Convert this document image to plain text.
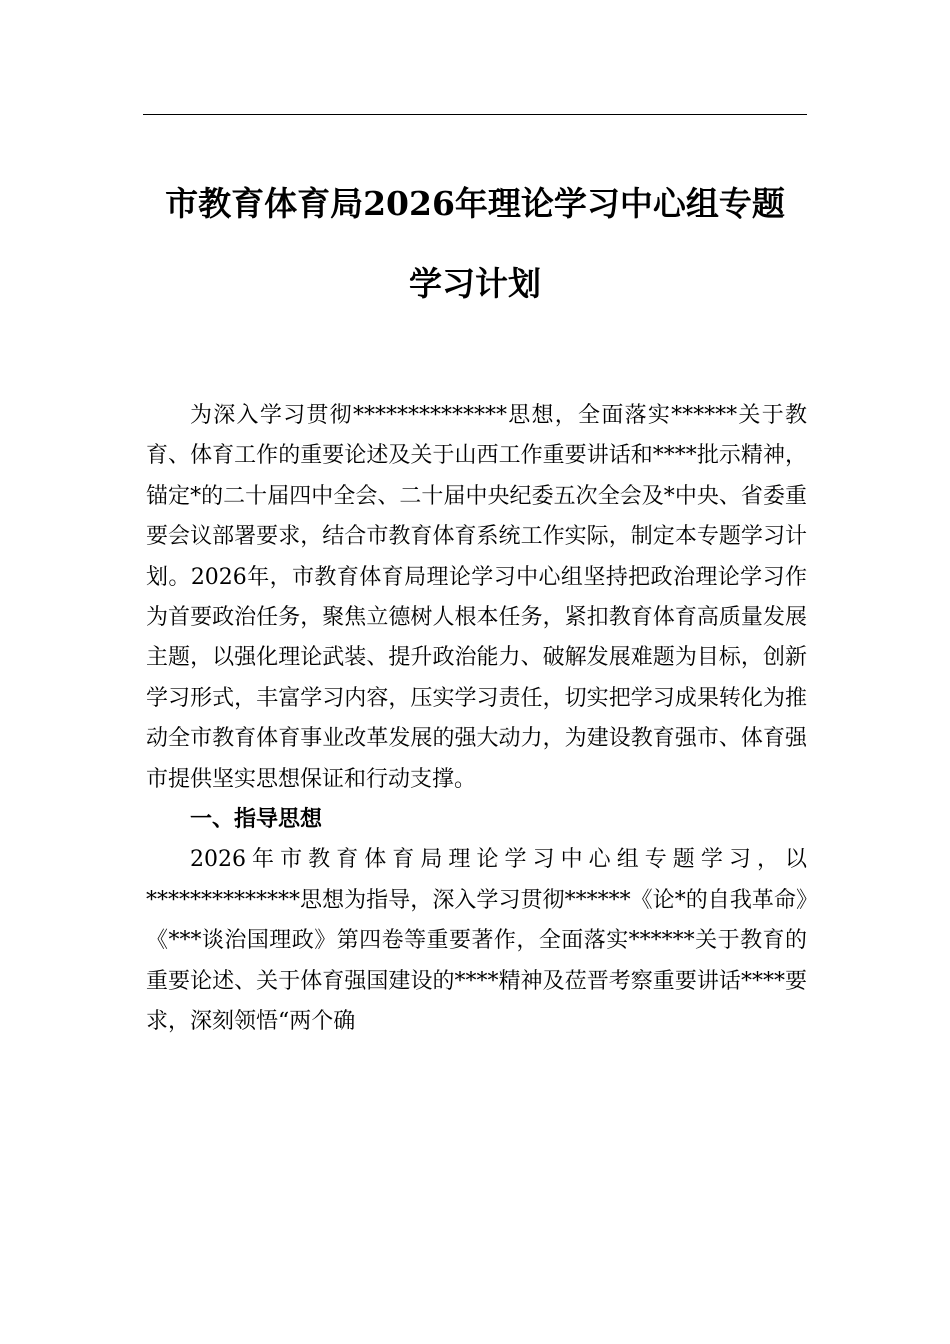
市教育体育局2026年理论学习中心组专题
学习计划

为深入学习贯彻**************思想，全面落实******关于教育、体育工作的重要论述及关于山西工作重要讲话和****批示精神，锚定*的二十届四中全会、二十届中央纪委五次全会及*中央、省委重要会议部署要求，结合市教育体育系统工作实际，制定本专题学习计划。2026年，市教育体育局理论学习中心组坚持把政治理论学习作为首要政治任务，聚焦立德树人根本任务，紧扣教育体育高质量发展主题，以强化理论武装、提升政治能力、破解发展难题为目标，创新学习形式，丰富学习内容，压实学习责任，切实把学习成果转化为推动全市教育体育事业改革发展的强大动力，为建设教育强市、体育强市提供坚实思想保证和行动支撑。

一、指导思想

2026年市教育体育局理论学习中心组专题学习，以**************思想为指导，深入学习贯彻******《论*的自我革命》《***谈治国理政》第四卷等重要著作，全面落实******关于教育的重要论述、关于体育强国建设的****精神及莅晋考察重要讲话****要求，深刻领悟“两个确
